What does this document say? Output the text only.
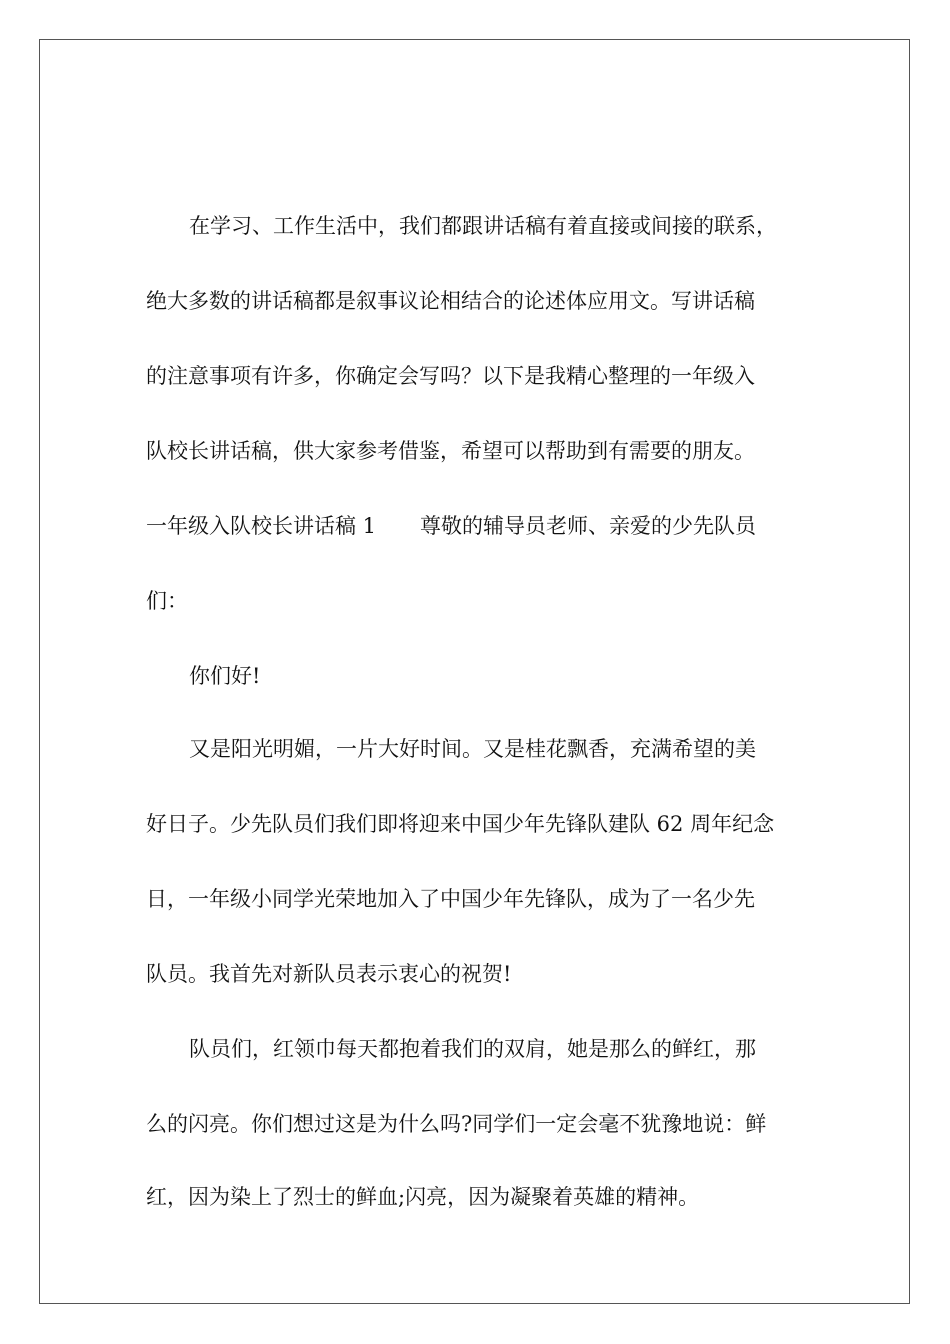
在学习、工作生活中，我们都跟讲话稿有着直接或间接的联系，

绝大多数的讲话稿都是叙事议论相结合的论述体应用文。写讲话稿

的注意事项有许多，你确定会写吗？以下是我精心整理的一年级入

队校长讲话稿，供大家参考借鉴，希望可以帮助到有需要的朋友。

一年级入队校长讲话稿 1 尊敬的辅导员老师、亲爱的少先队员

们：

你们好!

又是阳光明媚，一片大好时间。又是桂花飘香，充满希望的美

好日子。少先队员们我们即将迎来中国少年先锋队建队 62 周年纪念

日，一年级小同学光荣地加入了中国少年先锋队，成为了一名少先

队员。我首先对新队员表示衷心的祝贺!

队员们，红领巾每天都抱着我们的双肩，她是那么的鲜红，那

么的闪亮。你们想过这是为什么吗?同学们一定会毫不犹豫地说：鲜

红，因为染上了烈士的鲜血;闪亮，因为凝聚着英雄的精神。
